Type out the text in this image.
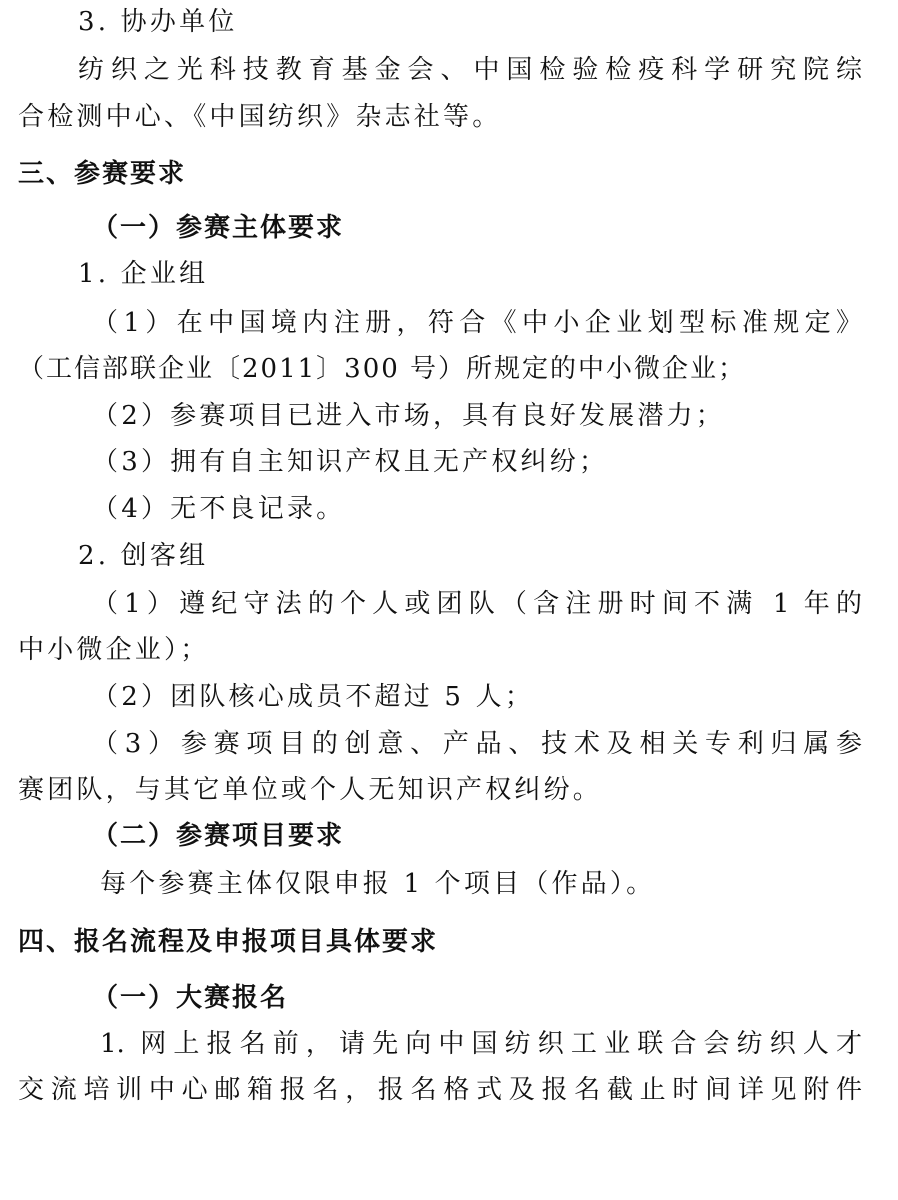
3. 协办单位
纺织之光科技教育基金会、中国检验检疫科学研究院综
合检测中心、《中国纺织》杂志社等。
三、参赛要求
（一）参赛主体要求
1. 企业组
（1）在中国境内注册，符合《中小企业划型标准规定》
（工信部联企业〔2011〕300 号）所规定的中小微企业；
（2）参赛项目已进入市场，具有良好发展潜力；
（3）拥有自主知识产权且无产权纠纷；
（4）无不良记录。
2. 创客组
（1）遵纪守法的个人或团队（含注册时间不满 1 年的
中小微企业）；
（2）团队核心成员不超过 5 人；
（3）参赛项目的创意、产品、技术及相关专利归属参
赛团队，与其它单位或个人无知识产权纠纷。
（二）参赛项目要求
每个参赛主体仅限申报 1 个项目（作品）。
四、报名流程及申报项目具体要求
（一）大赛报名
1. 网上报名前，请先向中国纺织工业联合会纺织人才
交流培训中心邮箱报名，报名格式及报名截止时间详见附件
